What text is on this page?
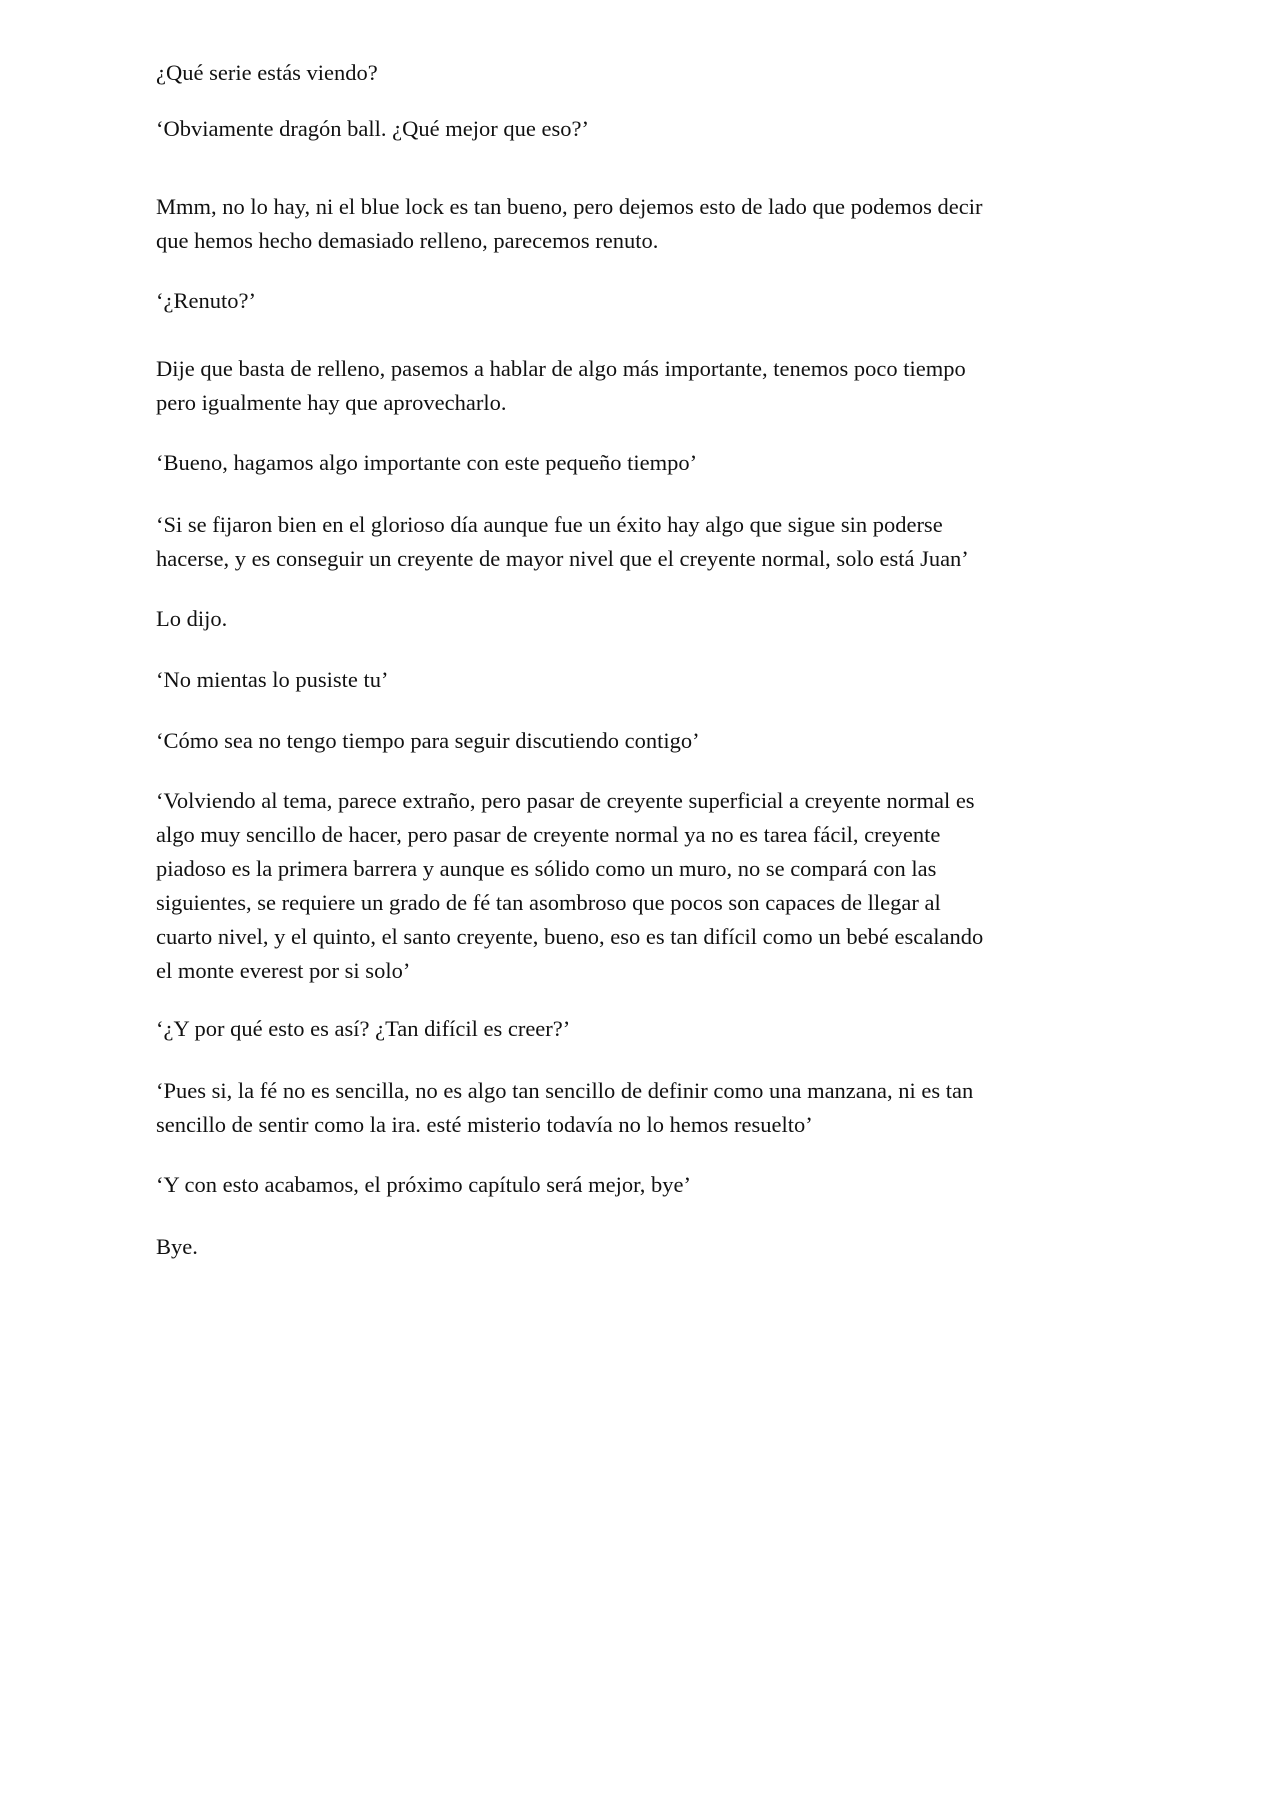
¿Qué serie estás viendo?

‘Obviamente dragón ball. ¿Qué mejor que eso?’

Mmm, no lo hay, ni el blue lock es tan bueno, pero dejemos esto de lado que podemos decir
que hemos hecho demasiado relleno, parecemos renuto.

‘¿Renuto?’

Dije que basta de relleno, pasemos a hablar de algo más importante, tenemos poco tiempo
pero igualmente hay que aprovecharlo.

‘Bueno, hagamos algo importante con este pequeño tiempo’

‘Si se fijaron bien en el glorioso día aunque fue un éxito hay algo que sigue sin poderse
hacerse, y es conseguir un creyente de mayor nivel que el creyente normal, solo está Juan’

Lo dijo.

‘No mientas lo pusiste tu’

‘Cómo sea no tengo tiempo para seguir discutiendo contigo’

‘Volviendo al tema, parece extraño, pero pasar de creyente superficial a creyente normal es
algo muy sencillo de hacer, pero pasar de creyente normal ya no es tarea fácil, creyente
piadoso es la primera barrera y aunque es sólido como un muro, no se compará con las
siguientes, se requiere un grado de fé tan asombroso que pocos son capaces de llegar al
cuarto nivel, y el quinto, el santo creyente, bueno, eso es tan difícil como un bebé escalando
el monte everest por si solo’

‘¿Y por qué esto es así? ¿Tan difícil es creer?’

‘Pues si, la fé no es sencilla, no es algo tan sencillo de definir como una manzana, ni es tan
sencillo de sentir como la ira. esté misterio todavía no lo hemos resuelto’

‘Y con esto acabamos, el próximo capítulo será mejor, bye’

Bye.
